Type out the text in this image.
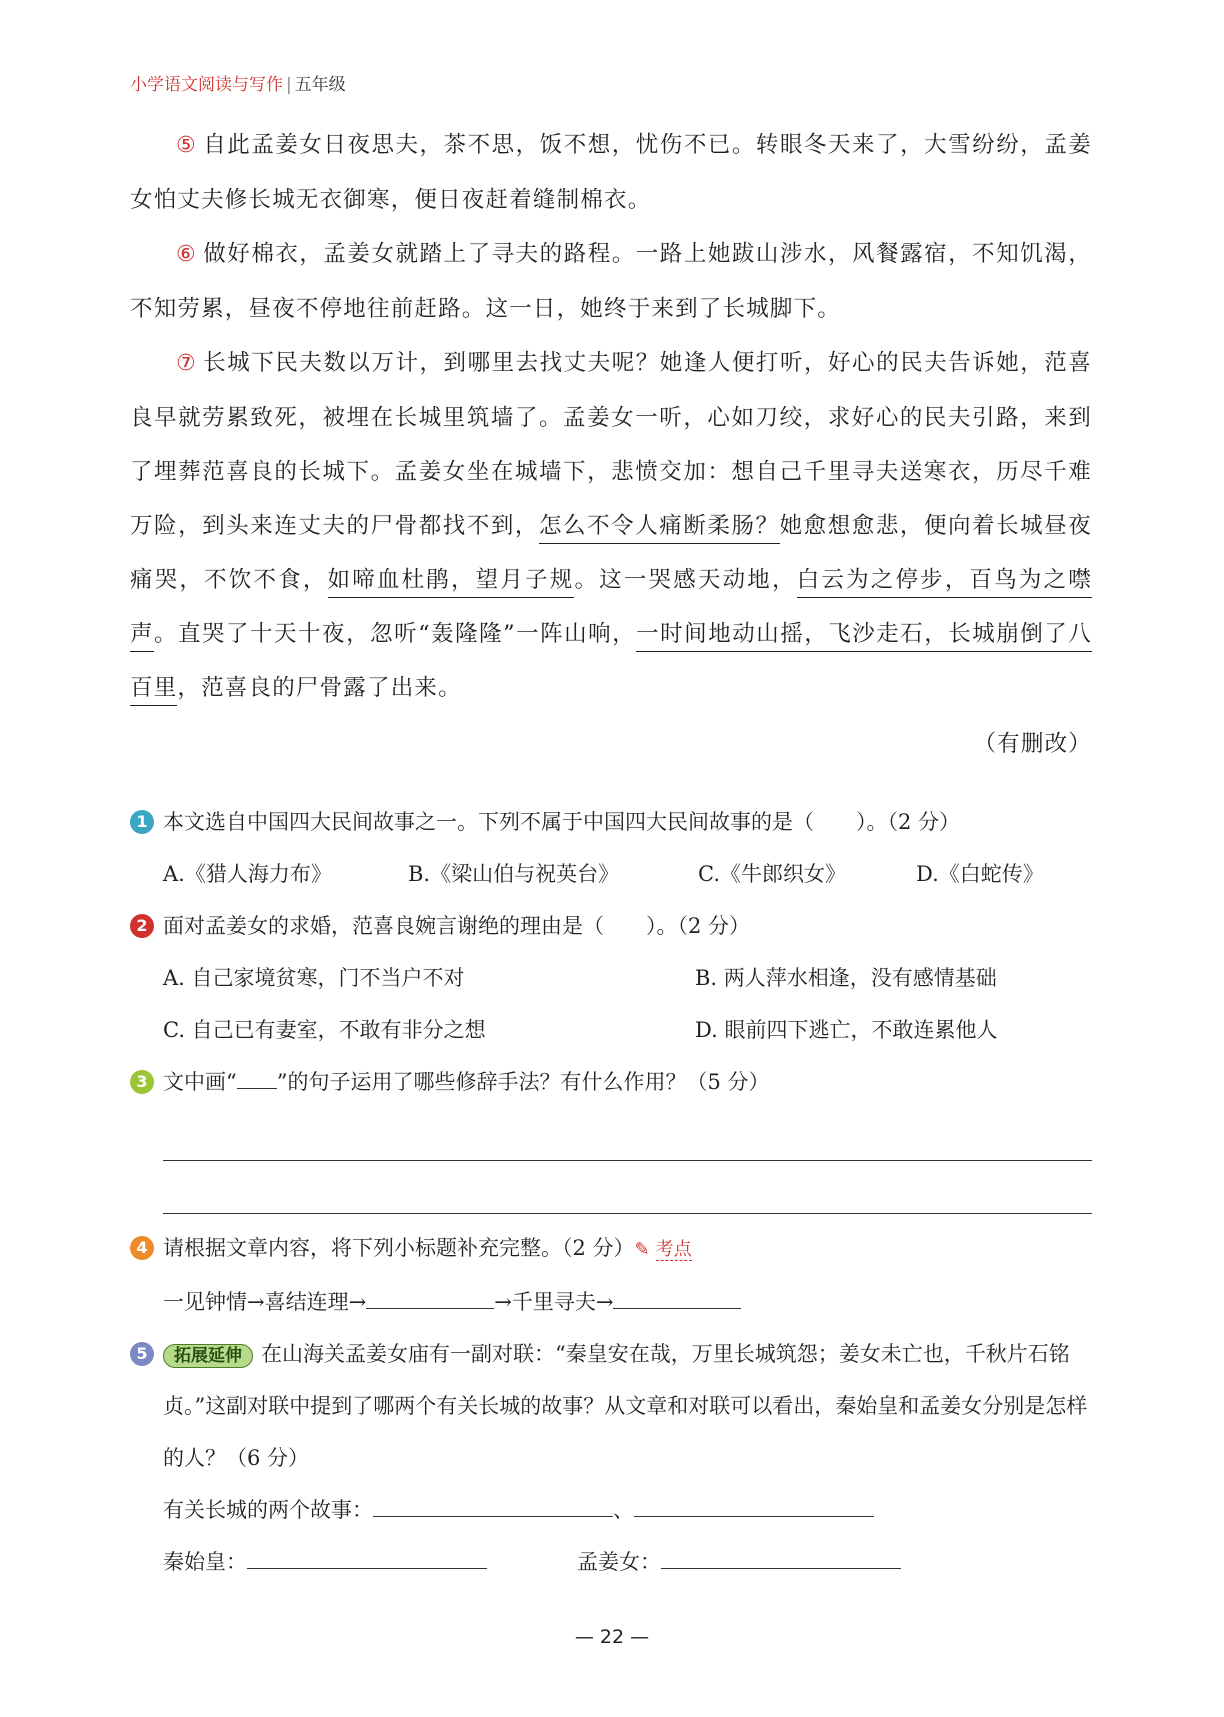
小学语文阅读与写作 | 五年级

⑤ 自此孟姜女日夜思夫，茶不思，饭不想，忧伤不已。转眼冬天来了，大雪纷纷，孟姜女怕丈夫修长城无衣御寒，便日夜赶着缝制棉衣。

⑥ 做好棉衣，孟姜女就踏上了寻夫的路程。一路上她跋山涉水，风餐露宿，不知饥渴，不知劳累，昼夜不停地往前赶路。这一日，她终于来到了长城脚下。

⑦ 长城下民夫数以万计，到哪里去找丈夫呢？她逢人便打听，好心的民夫告诉她，范喜良早就劳累致死，被埋在长城里筑墙了。孟姜女一听，心如刀绞，求好心的民夫引路，来到了埋葬范喜良的长城下。孟姜女坐在城墙下，悲愤交加：想自己千里寻夫送寒衣，历尽千难万险，到头来连丈夫的尸骨都找不到，怎么不令人痛断柔肠？她愈想愈悲，便向着长城昼夜痛哭，不饮不食，如啼血杜鹃，望月子规。这一哭感天动地，白云为之停步，百鸟为之噤声。直哭了十天十夜，忽听“轰隆隆”一阵山响，一时间地动山摇，飞沙走石，长城崩倒了八百里，范喜良的尸骨露了出来。

（有删改）
1 本文选自中国四大民间故事之一。下列不属于中国四大民间故事的是（　　）。（2 分）
A.《猎人海力布》	B.《梁山伯与祝英台》	C.《牛郎织女》	D.《白蛇传》
2 面对孟姜女的求婚，范喜良婉言谢绝的理由是（　　）。（2 分）
A. 自己家境贫寒，门不当户不对	B. 两人萍水相逢，没有感情基础
C. 自己已有妻室，不敢有非分之想	D. 眼前四下逃亡，不敢连累他人
3 文中画“ ”的句子运用了哪些修辞手法？有什么作用？（5 分）
4 请根据文章内容，将下列小标题补充完整。（2 分）✎ 考点
一见钟情→喜结连理→	→千里寻夫→
5	拓展延伸 在山海关孟姜女庙有一副对联：“秦皇安在哉，万里长城筑怨；姜女未亡也，千秋片石铭贞。”这副对联中提到了哪两个有关长城的故事？从文章和对联可以看出，秦始皇和孟姜女分别是怎样的人？（6 分）
有关长城的两个故事：	、
秦始皇：	孟姜女：
— 22 —
